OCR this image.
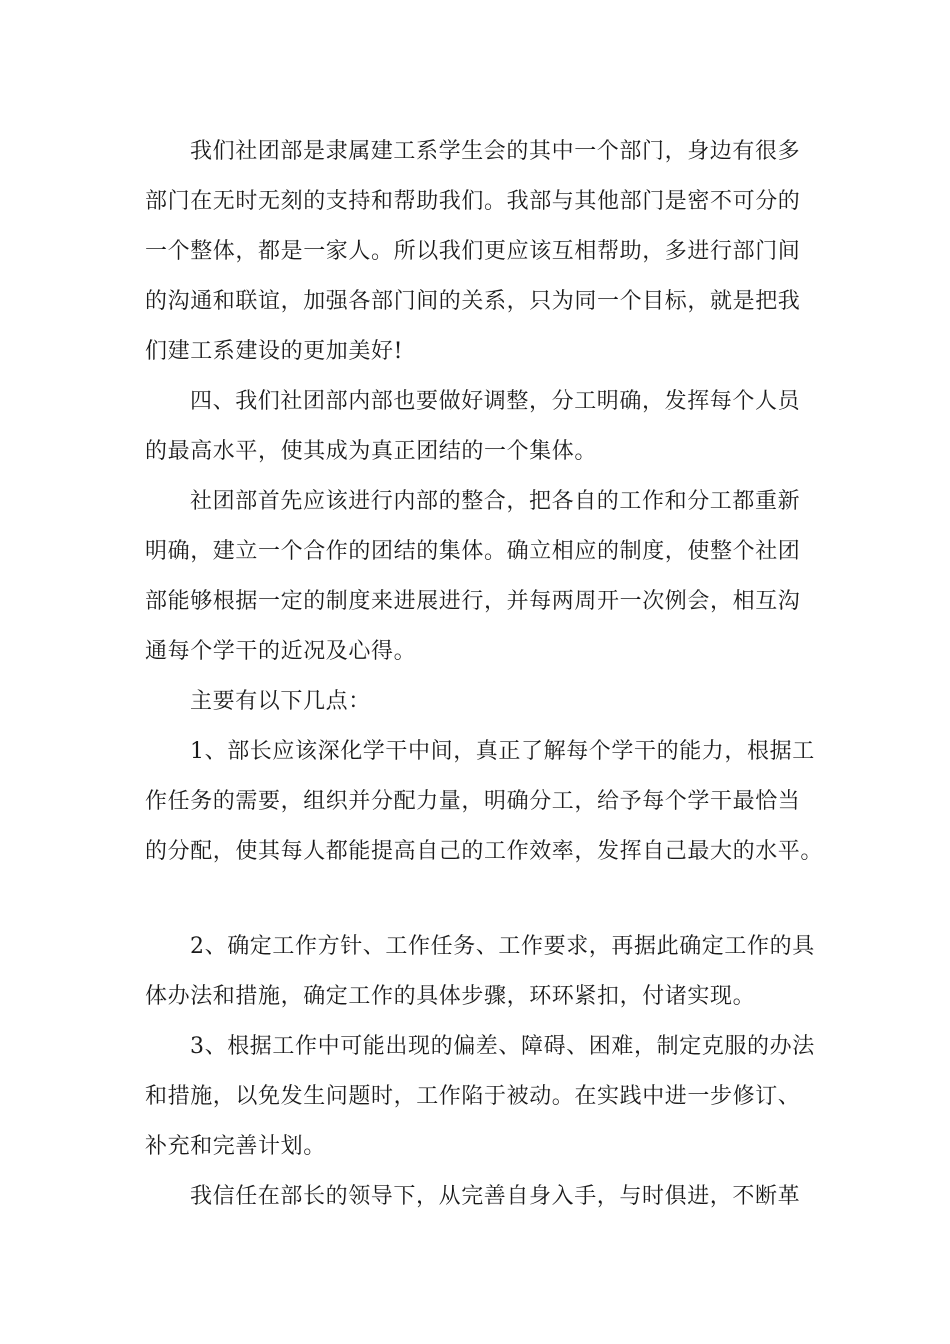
我们社团部是隶属建工系学生会的其中一个部门，身边有很多
部门在无时无刻的支持和帮助我们。我部与其他部门是密不可分的
一个整体，都是一家人。所以我们更应该互相帮助，多进行部门间
的沟通和联谊，加强各部门间的关系，只为同一个目标，就是把我
们建工系建设的更加美好!
四、我们社团部内部也要做好调整，分工明确，发挥每个人员
的最高水平，使其成为真正团结的一个集体。
社团部首先应该进行内部的整合，把各自的工作和分工都重新
明确，建立一个合作的团结的集体。确立相应的制度，使整个社团
部能够根据一定的制度来进展进行，并每两周开一次例会，相互沟
通每个学干的近况及心得。
主要有以下几点：
1、部长应该深化学干中间，真正了解每个学干的能力，根据工
作任务的需要，组织并分配力量，明确分工，给予每个学干最恰当
的分配，使其每人都能提高自己的工作效率，发挥自己最大的水平。
2、确定工作方针、工作任务、工作要求，再据此确定工作的具
体办法和措施，确定工作的具体步骤，环环紧扣，付诸实现。
3、根据工作中可能出现的偏差、障碍、困难，制定克服的办法
和措施，以免发生问题时，工作陷于被动。在实践中进一步修订、
补充和完善计划。
我信任在部长的领导下，从完善自身入手，与时俱进，不断革
